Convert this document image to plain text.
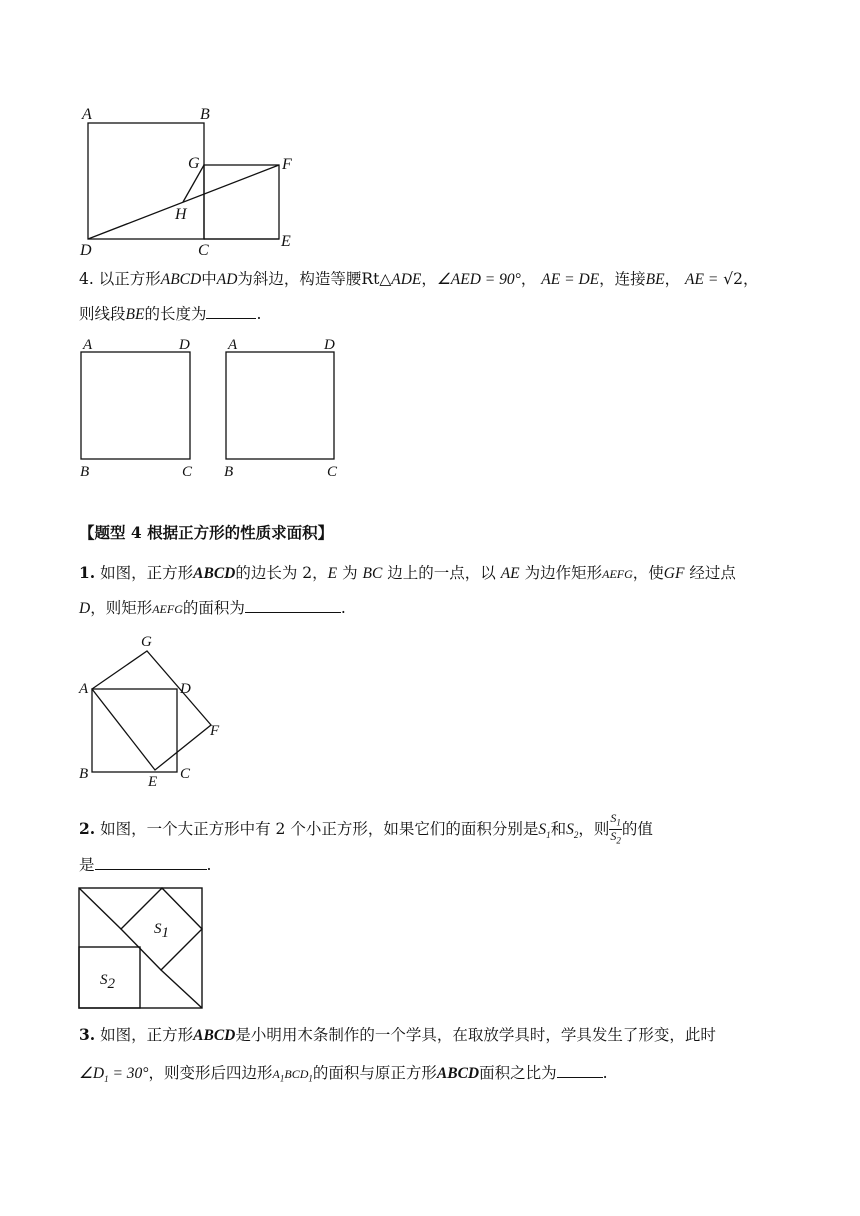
A	B
G	F
H
D	C
E
A	D
B	C
A	D
B	C
G
A	D
F
B	E C
S1
S2
4. 以正方形ABCD中AD为斜边，构造等腰Rt△ADE，∠AED = 90°， AE = DE，连接BE， AE = √2，
则线段BE的长度为	.
【题型 4 根据正方形的性质求面积】
1. 如图，正方形ABCD的边长为 2，E 为 BC 边上的一点，以 AE 为边作矩形AEFG，使GF 经过点
D，则矩形AEFG的面积为	.
2. 如图，一个大正方形中有 2 个小正方形，如果它们的面积分别是$S_1$和$S_2$，则 $\frac{S_1}{S_2}$ 的值
是	.
3. 如图，正方形ABCD是小明用木条制作的一个学具，在取放学具时，学具发生了形变，此时
$\angle D_1 = 30^\circ$，则变形后四边形$A_1BCD_1$的面积与原正方形ABCD面积之比为	.
